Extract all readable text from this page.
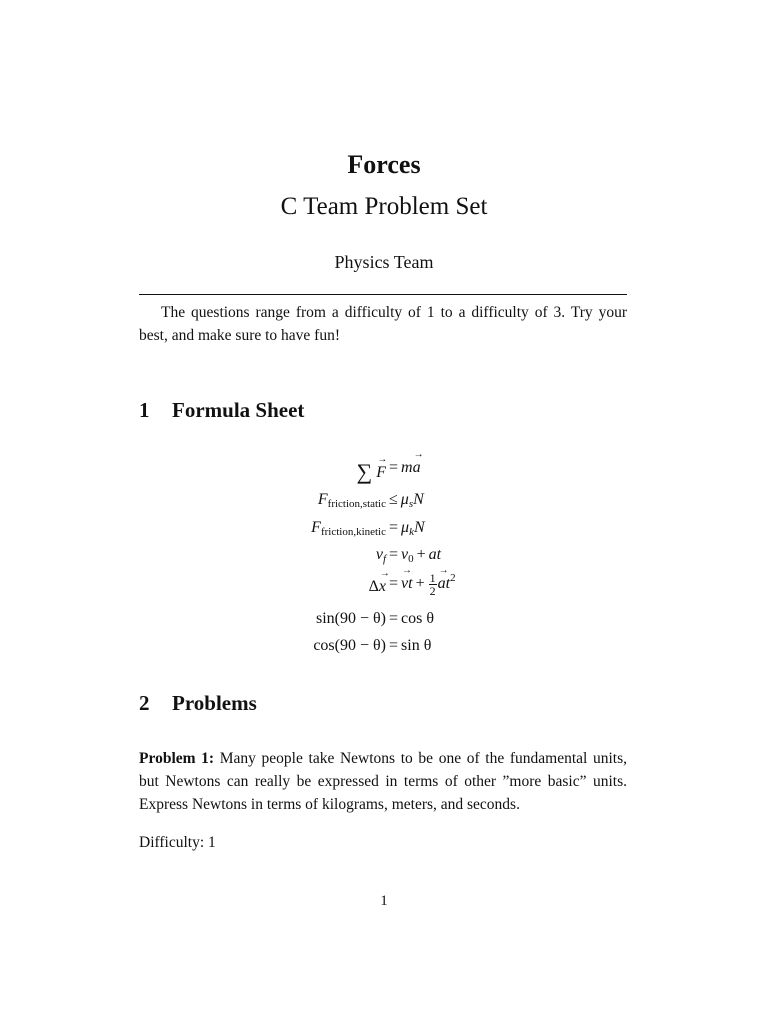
Forces
C Team Problem Set
Physics Team

The questions range from a difficulty of 1 to a difficulty of 3. Try your best, and make sure to have fun!

1 Formula Sheet
∑ → F = m→ a
$F_{friction,static} \le \mu_sN$
$F_{friction,kinetic} = \mu_kN$
$v_f = v_0$ + at
Δ→ x =→ vt + $\frac{1}{2}$
→ $at^2$
sin(90 − θ) = cos θ
cos(90 − θ) = sin θ
2 Problems

Problem 1: Many people take Newtons to be one of the fundamental units, but Newtons can really be expressed in terms of other ”more basic” units. Express Newtons in terms of kilograms, meters, and seconds.

Difficulty: 1

1
